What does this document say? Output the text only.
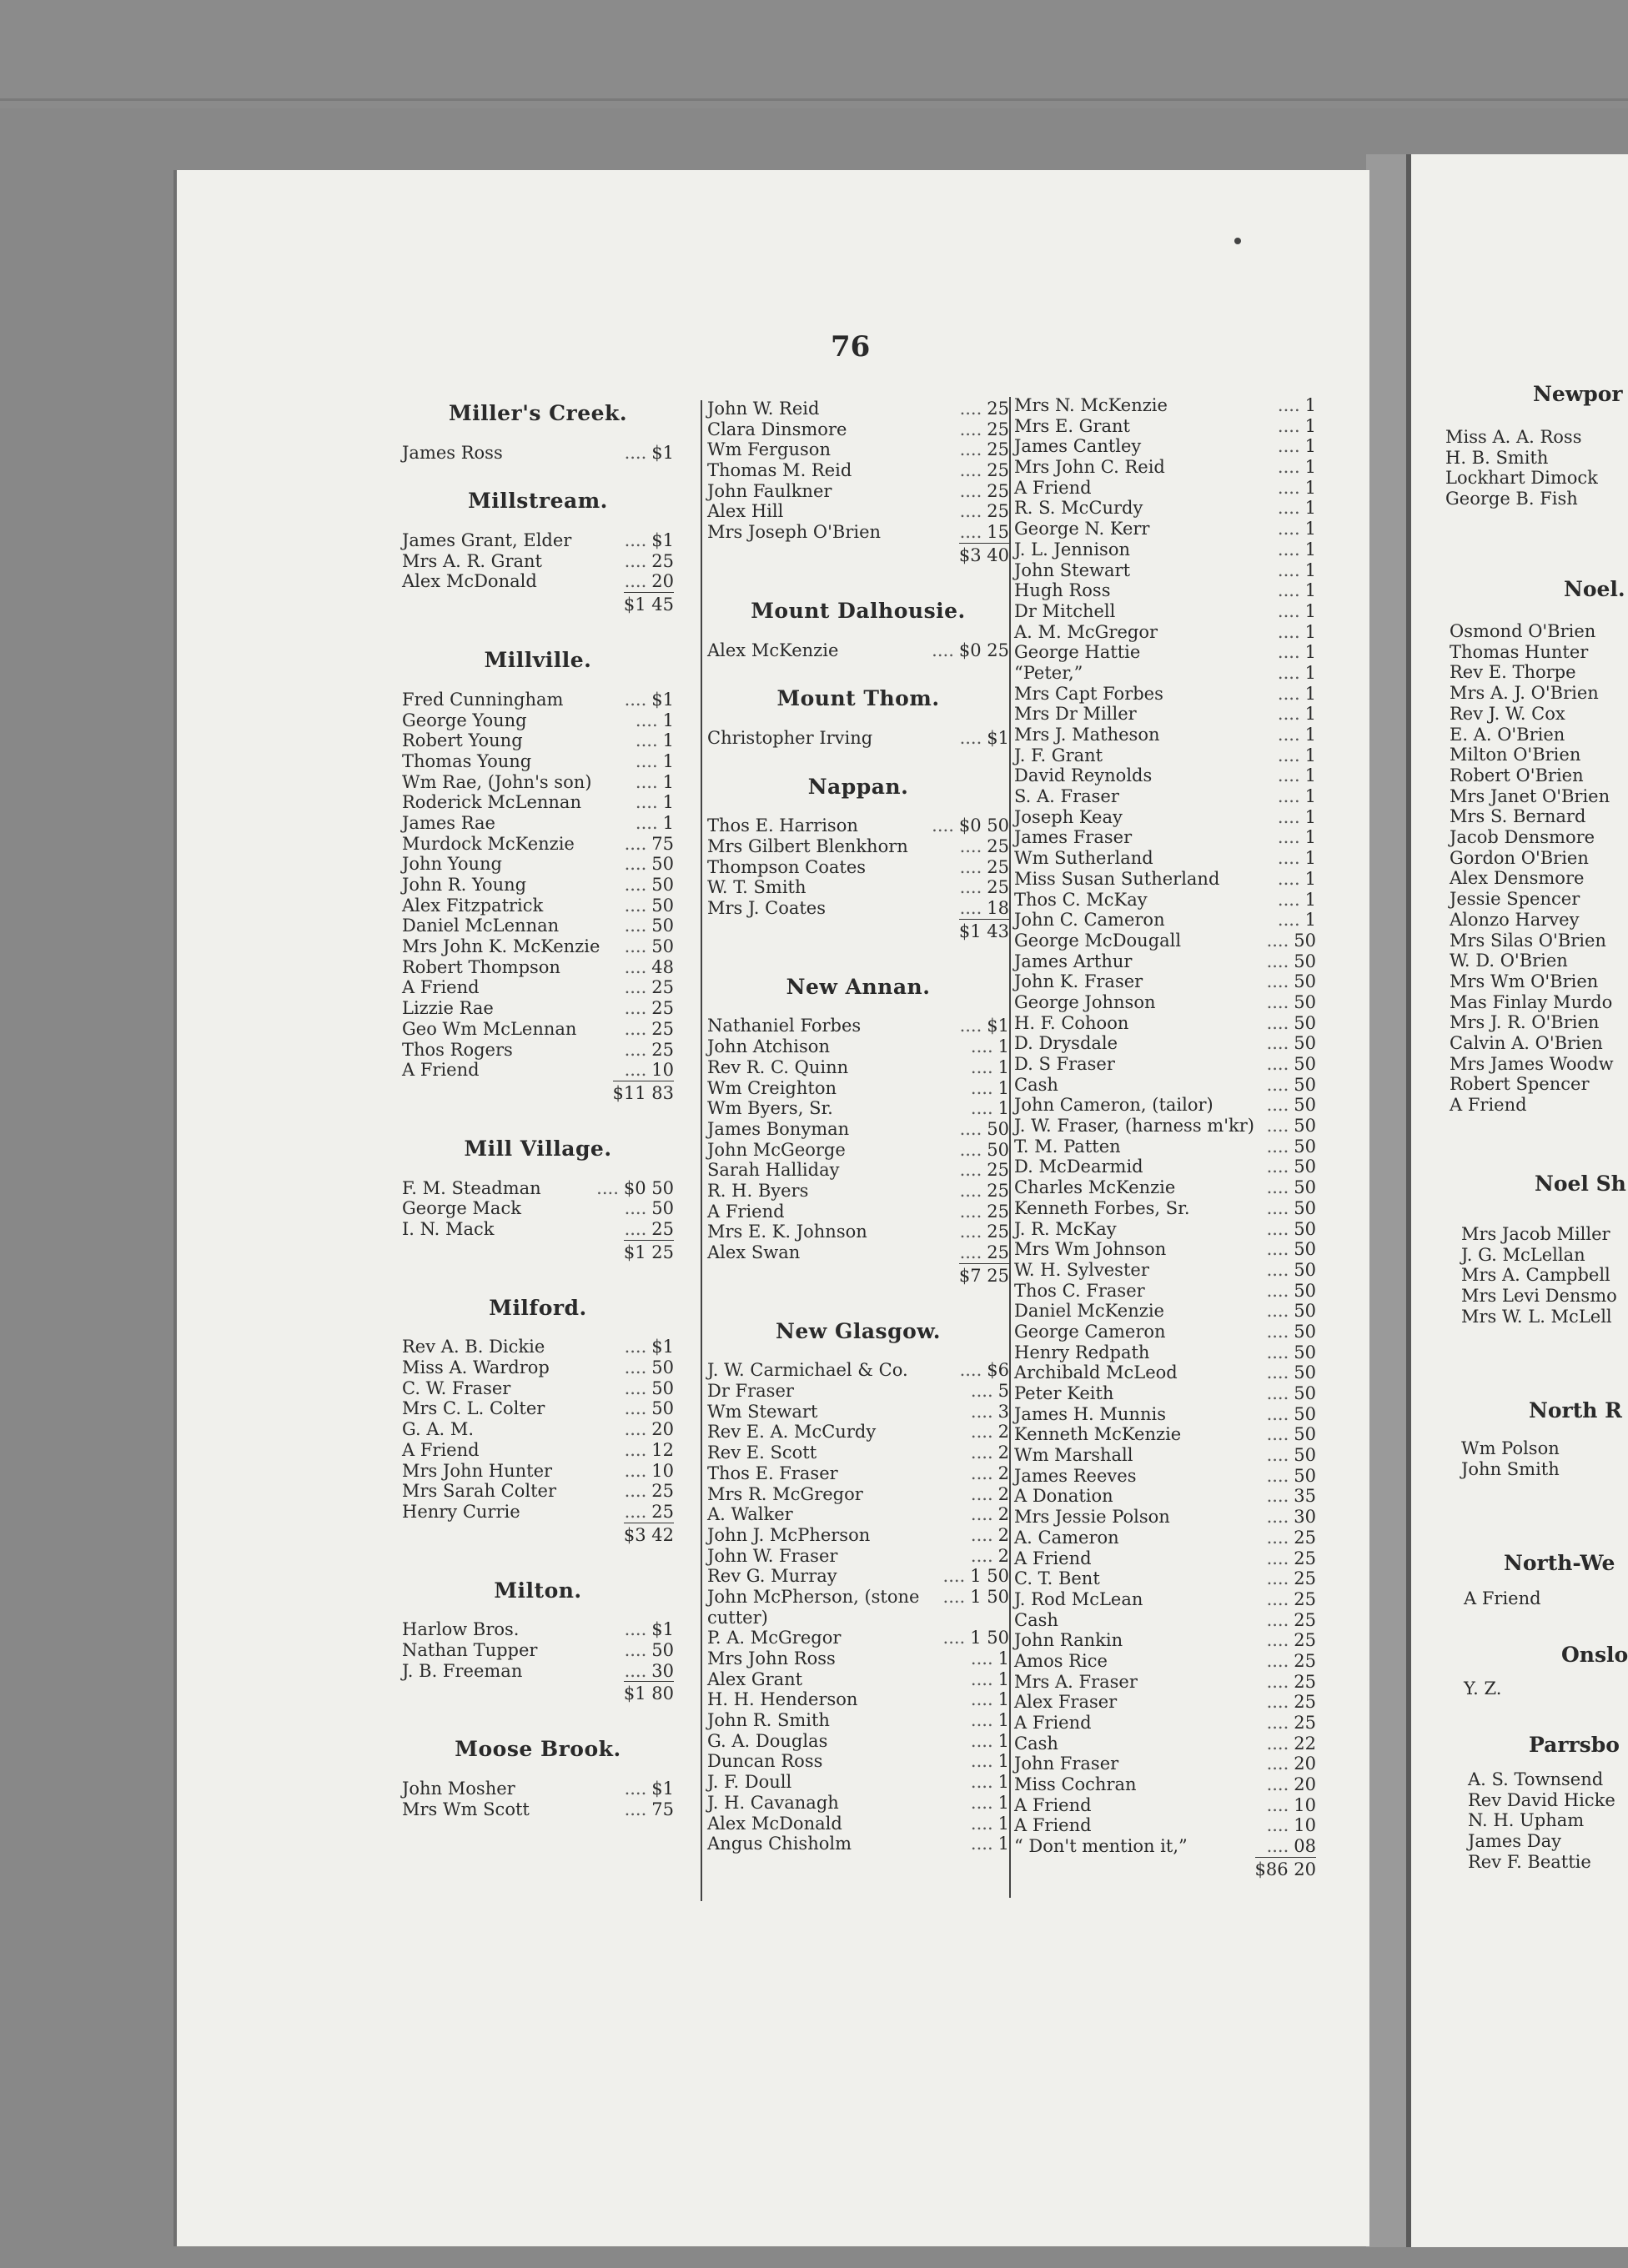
76
Miller's Creek.
James Ross	.... $1
Millstream.
James Grant, Elder	.... $1
Mrs A. R. Grant	.... 25
Alex McDonald	.... 20
$1 45
Millville.
Fred Cunningham	.... $1
George Young	.... 1
Robert Young	.... 1
Thomas Young	.... 1
Wm Rae, (John's son)	.... 1
Roderick McLennan	.... 1
James Rae	.... 1
Murdock McKenzie	.... 75
John Young	.... 50
John R. Young	.... 50
Alex Fitzpatrick	.... 50
Daniel McLennan	.... 50
Mrs John K. McKenzie	.... 50
Robert Thompson	.... 48
A Friend	.... 25
Lizzie Rae	.... 25
Geo Wm McLennan	.... 25
Thos Rogers	.... 25
A Friend	.... 10
$11 83
Mill Village.
F. M. Steadman	.... $0 50
George Mack	.... 50
I. N. Mack	.... 25
$1 25
Milford.
Rev A. B. Dickie	.... $1
Miss A. Wardrop	.... 50
C. W. Fraser	.... 50
Mrs C. L. Colter	.... 50
G. A. M.	.... 20
A Friend	.... 12
Mrs John Hunter	.... 10
Mrs Sarah Colter	.... 25
Henry Currie	.... 25
$3 42
Milton.
Harlow Bros.	.... $1
Nathan Tupper	.... 50
J. B. Freeman	.... 30
$1 80
Moose Brook.
John Mosher	.... $1
Mrs Wm Scott	.... 75
John W. Reid	.... 25
Clara Dinsmore	.... 25
Wm Ferguson	.... 25
Thomas M. Reid	.... 25
John Faulkner	.... 25
Alex Hill	.... 25
Mrs Joseph O'Brien	.... 15
$3 40
Mount Dalhousie.
Alex McKenzie	.... $0 25
Mount Thom.
Christopher Irving	.... $1
Nappan.
Thos E. Harrison	.... $0 50
Mrs Gilbert Blenkhorn	.... 25
Thompson Coates	.... 25
W. T. Smith	.... 25
Mrs J. Coates	.... 18
$1 43
New Annan.
Nathaniel Forbes	.... $1
John Atchison	.... 1
Rev R. C. Quinn	.... 1
Wm Creighton	.... 1
Wm Byers, Sr.	.... 1
James Bonyman	.... 50
John McGeorge	.... 50
Sarah Halliday	.... 25
R. H. Byers	.... 25
A Friend	.... 25
Mrs E. K. Johnson	.... 25
Alex Swan	.... 25
$7 25
New Glasgow.
J. W. Carmichael & Co.	.... $6
Dr Fraser	.... 5
Wm Stewart	.... 3
Rev E. A. McCurdy	.... 2
Rev E. Scott	.... 2
Thos E. Fraser	.... 2
Mrs R. McGregor	.... 2
A. Walker	.... 2
John J. McPherson	.... 2
John W. Fraser	.... 2
Rev G. Murray	.... 1 50
John McPherson, (stone	.... 1 50
cutter)
P. A. McGregor	.... 1 50
Mrs John Ross	.... 1
Alex Grant	.... 1
H. H. Henderson	.... 1
John R. Smith	.... 1
G. A. Douglas	.... 1
Duncan Ross	.... 1
J. F. Doull	.... 1
J. H. Cavanagh	.... 1
Alex McDonald	.... 1
Angus Chisholm	.... 1
Mrs N. McKenzie	.... 1
Mrs E. Grant	.... 1
James Cantley	.... 1
Mrs John C. Reid	.... 1
A Friend	.... 1
R. S. McCurdy	.... 1
George N. Kerr	.... 1
J. L. Jennison	.... 1
John Stewart	.... 1
Hugh Ross	.... 1
Dr Mitchell	.... 1
A. M. McGregor	.... 1
George Hattie	.... 1
“Peter,”	.... 1
Mrs Capt Forbes	.... 1
Mrs Dr Miller	.... 1
Mrs J. Matheson	.... 1
J. F. Grant	.... 1
David Reynolds	.... 1
S. A. Fraser	.... 1
Joseph Keay	.... 1
James Fraser	.... 1
Wm Sutherland	.... 1
Miss Susan Sutherland	.... 1
Thos C. McKay	.... 1
John C. Cameron	.... 1
George McDougall	.... 50
James Arthur	.... 50
John K. Fraser	.... 50
George Johnson	.... 50
H. F. Cohoon	.... 50
D. Drysdale	.... 50
D. S Fraser	.... 50
Cash	.... 50
John Cameron, (tailor)	.... 50
J. W. Fraser, (harness m'kr) .... 50
T. M. Patten	.... 50
D. McDearmid	.... 50
Charles McKenzie	.... 50
Kenneth Forbes, Sr.	.... 50
J. R. McKay	.... 50
Mrs Wm Johnson	.... 50
W. H. Sylvester	.... 50
Thos C. Fraser	.... 50
Daniel McKenzie	.... 50
George Cameron	.... 50
Henry Redpath	.... 50
Archibald McLeod	.... 50
Peter Keith	.... 50
James H. Munnis	.... 50
Kenneth McKenzie	.... 50
Wm Marshall	.... 50
James Reeves	.... 50
A Donation	.... 35
Mrs Jessie Polson	.... 30
A. Cameron	.... 25
A Friend	.... 25
C. T. Bent	.... 25
J. Rod McLean	.... 25
Cash	.... 25
John Rankin	.... 25
Amos Rice	.... 25
Mrs A. Fraser	.... 25
Alex Fraser	.... 25
A Friend	.... 25
Cash	.... 22
John Fraser	.... 20
Miss Cochran	.... 20
A Friend	.... 10
A Friend	.... 10
“ Don't mention it,”	.... 08
$86 20
Newpor
Miss A. A. Ross
H. B. Smith
Lockhart Dimock
George B. Fish
Noel.
Osmond O'Brien
Thomas Hunter
Rev E. Thorpe
Mrs A. J. O'Brien
Rev J. W. Cox
E. A. O'Brien
Milton O'Brien
Robert O'Brien
Mrs Janet O'Brien
Mrs S. Bernard
Jacob Densmore
Gordon O'Brien
Alex Densmore
Jessie Spencer
Alonzo Harvey
Mrs Silas O'Brien
W. D. O'Brien
Mrs Wm O'Brien
Mas Finlay Murdo
Mrs J. R. O'Brien
Calvin A. O'Brien
Mrs James Woodw
Robert Spencer
A Friend
Noel Sh
Mrs Jacob Miller
J. G. McLellan
Mrs A. Campbell
Mrs Levi Densmo
Mrs W. L. McLell
North R
Wm Polson
John Smith
North-We
A Friend
Onslo
Y. Z.
Parrsbo
A. S. Townsend
Rev David Hicke
N. H. Upham
James Day
Rev F. Beattie
